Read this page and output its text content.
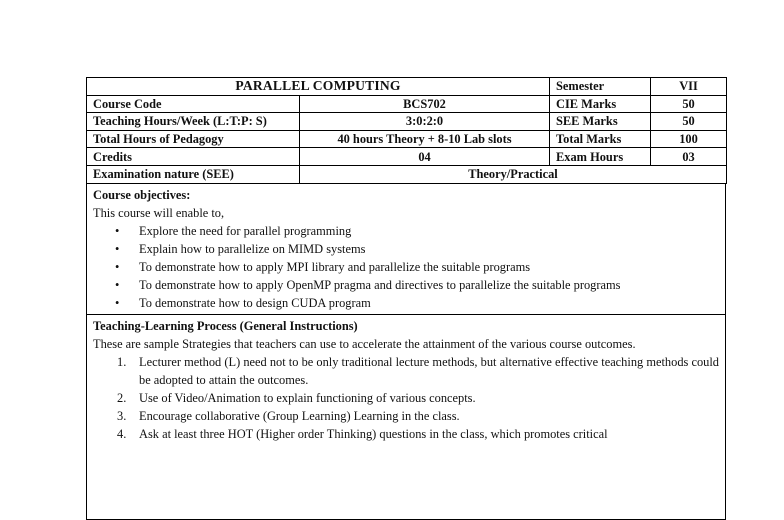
PARALLEL COMPUTING		Semester	VII
Course Code	BCS702	CIE Marks	50
Teaching Hours/Week (L:T:P: S)	3:0:2:0	SEE Marks	50
Total Hours of Pedagogy	40 hours Theory + 8-10 Lab slots	Total Marks	100
Credits	04	Exam Hours	03
Examination nature (SEE)	Theory/Practical		
Course objectives:
This course will enable to,
• Explore the need for parallel programming
• Explain how to parallelize on MIMD systems
• To demonstrate how to apply MPI library and parallelize the suitable programs
• To demonstrate how to apply OpenMP pragma and directives to parallelize the suitable programs
• To demonstrate how to design CUDA program
Teaching-Learning Process (General Instructions)
These are sample Strategies that teachers can use to accelerate the attainment of the various course outcomes.
1. Lecturer method (L) need not to be only traditional lecture methods, but alternative effective teaching methods could be adopted to attain the outcomes.
2. Use of Video/Animation to explain functioning of various concepts.
3. Encourage collaborative (Group Learning) Learning in the class.
4. Ask at least three HOT (Higher order Thinking) questions in the class, which promotes critical
